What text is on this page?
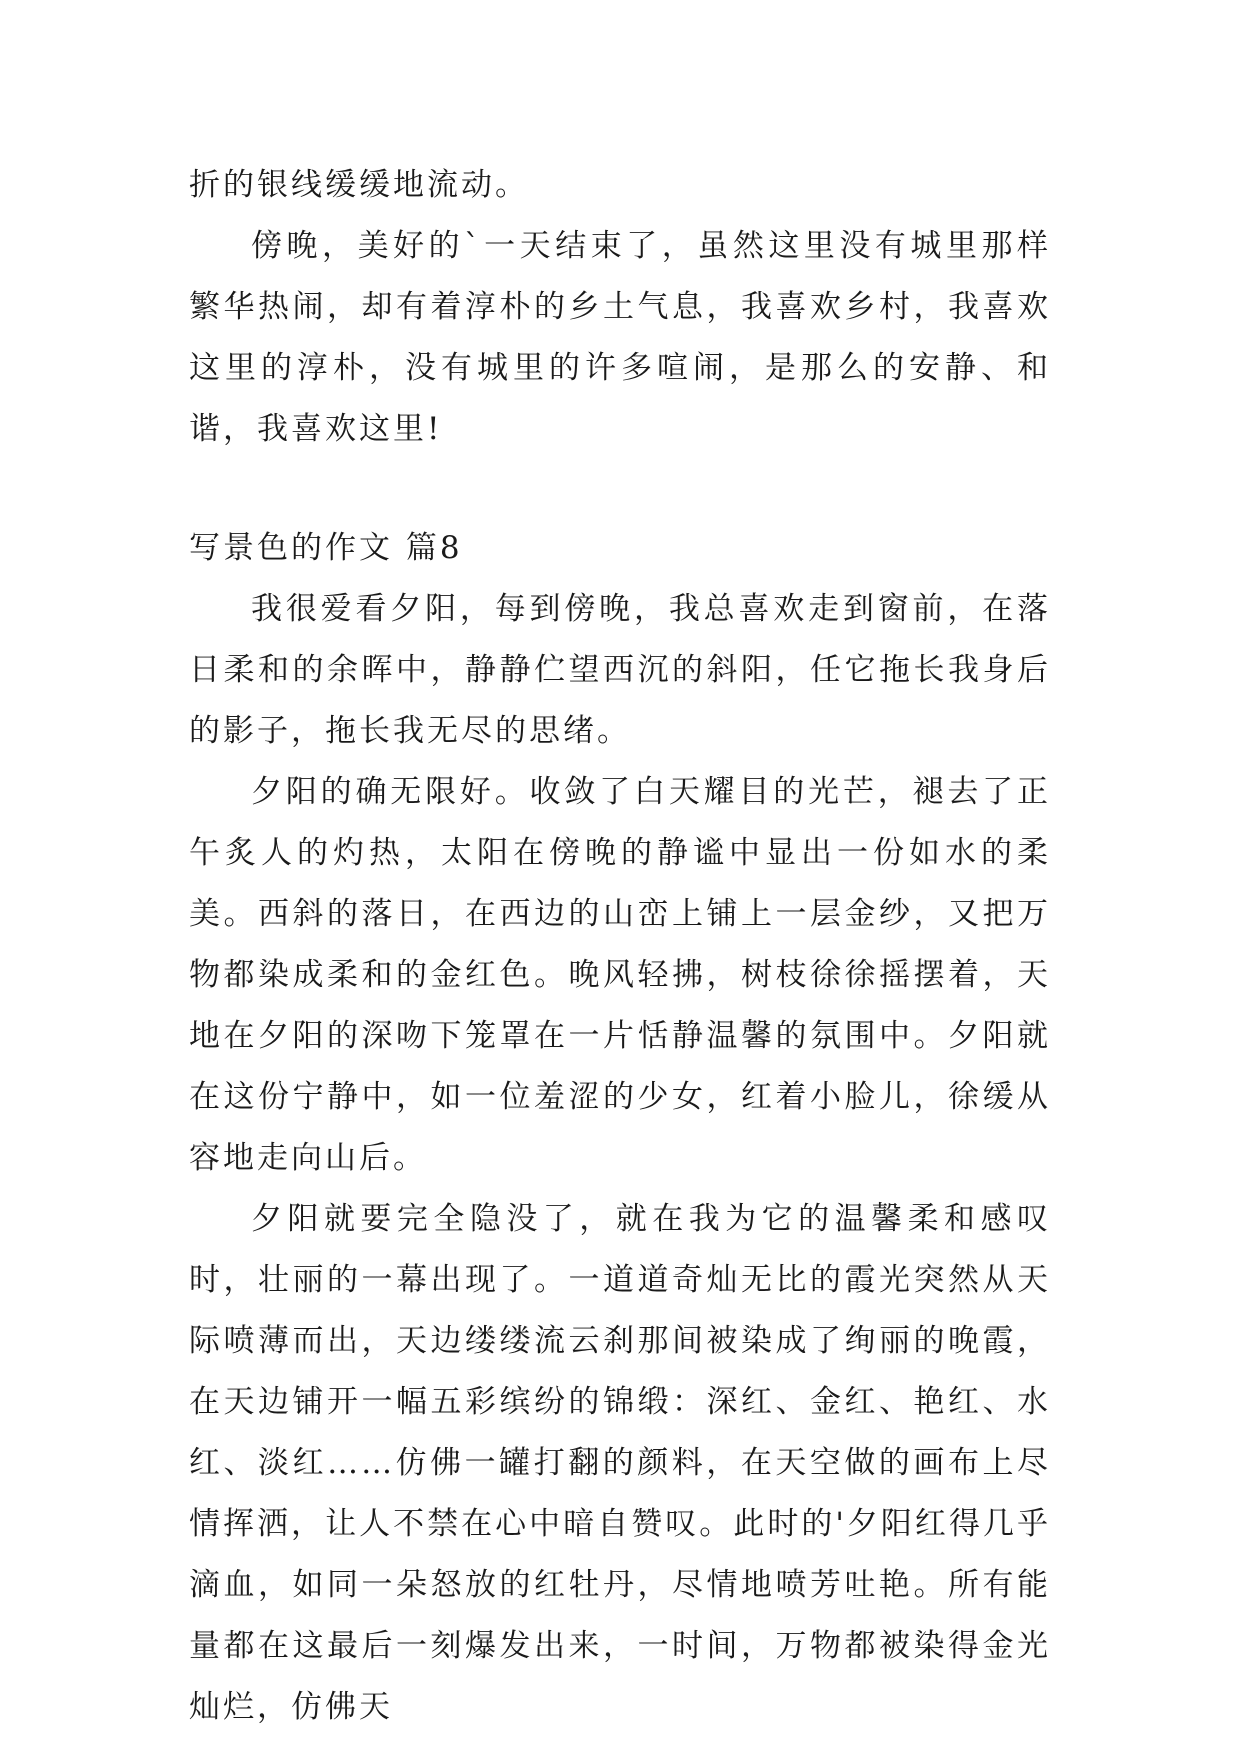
折的银线缓缓地流动。

傍晚，美好的`一天结束了，虽然这里没有城里那样繁华热闹，却有着淳朴的乡土气息，我喜欢乡村，我喜欢这里的淳朴，没有城里的许多喧闹，是那么的安静、和谐，我喜欢这里!

写景色的作文 篇8

我很爱看夕阳，每到傍晚，我总喜欢走到窗前，在落日柔和的余晖中，静静伫望西沉的斜阳，任它拖长我身后的影子，拖长我无尽的思绪。

夕阳的确无限好。收敛了白天耀目的光芒，褪去了正午炙人的灼热，太阳在傍晚的静谧中显出一份如水的柔美。西斜的落日，在西边的山峦上铺上一层金纱，又把万物都染成柔和的金红色。晚风轻拂，树枝徐徐摇摆着，天地在夕阳的深吻下笼罩在一片恬静温馨的氛围中。夕阳就在这份宁静中，如一位羞涩的少女，红着小脸儿，徐缓从容地走向山后。

夕阳就要完全隐没了，就在我为它的温馨柔和感叹时，壮丽的一幕出现了。一道道奇灿无比的霞光突然从天际喷薄而出，天边缕缕流云刹那间被染成了绚丽的晚霞，在天边铺开一幅五彩缤纷的锦缎：深红、金红、艳红、水红、淡红……仿佛一罐打翻的颜料，在天空做的画布上尽情挥洒，让人不禁在心中暗自赞叹。此时的'夕阳红得几乎滴血，如同一朵怒放的红牡丹，尽情地喷芳吐艳。所有能量都在这最后一刻爆发出来，一时间，万物都被染得金光灿烂，仿佛天
